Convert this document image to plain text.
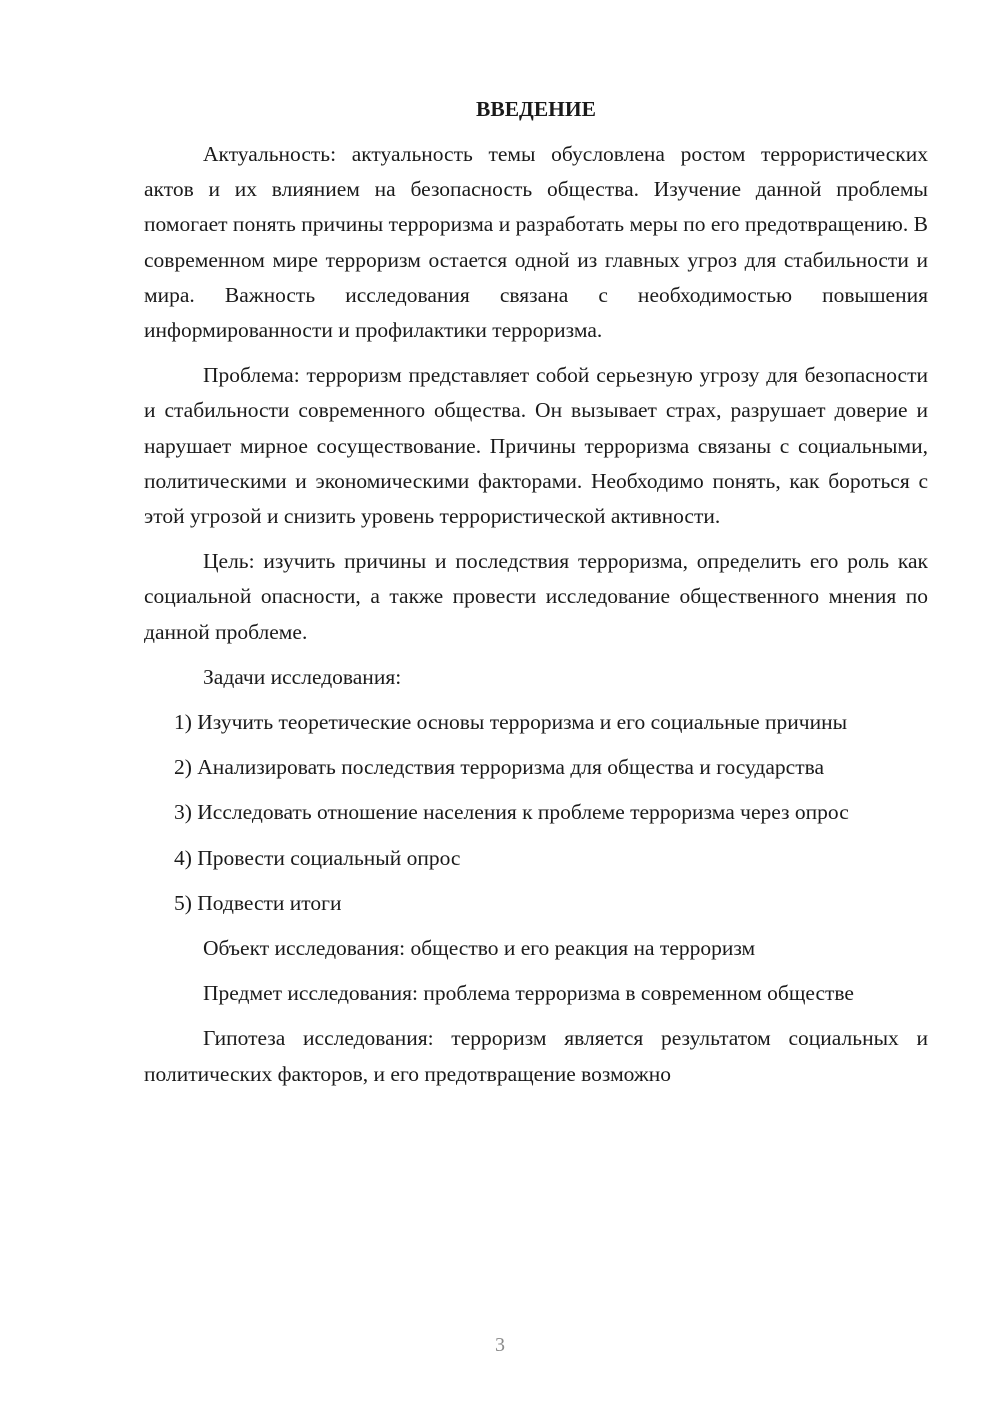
ВВЕДЕНИЕ

Актуальность: актуальность темы обусловлена ростом террористических актов и их влиянием на безопасность общества. Изучение данной проблемы помогает понять причины терроризма и разработать меры по его предотвращению. В современном мире терроризм остается одной из главных угроз для стабильности и мира. Важность исследования связана с необходимостью повышения информированности и профилактики терроризма.

Проблема: терроризм представляет собой серьезную угрозу для безопасности и стабильности современного общества. Он вызывает страх, разрушает доверие и нарушает мирное сосуществование. Причины терроризма связаны с социальными, политическими и экономическими факторами. Необходимо понять, как бороться с этой угрозой и снизить уровень террористической активности.

Цель: изучить причины и последствия терроризма, определить его роль как социальной опасности, а также провести исследование общественного мнения по данной проблеме.

Задачи исследования:

1) Изучить теоретические основы терроризма и его социальные причины

2) Анализировать последствия терроризма для общества и государства

3) Исследовать отношение населения к проблеме терроризма через опрос

4) Провести социальный опрос

5) Подвести итоги

Объект исследования: общество и его реакция на терроризм

Предмет исследования: проблема терроризма в современном обществе

Гипотеза исследования: терроризм является результатом социальных и политических факторов, и его предотвращение возможно

3
